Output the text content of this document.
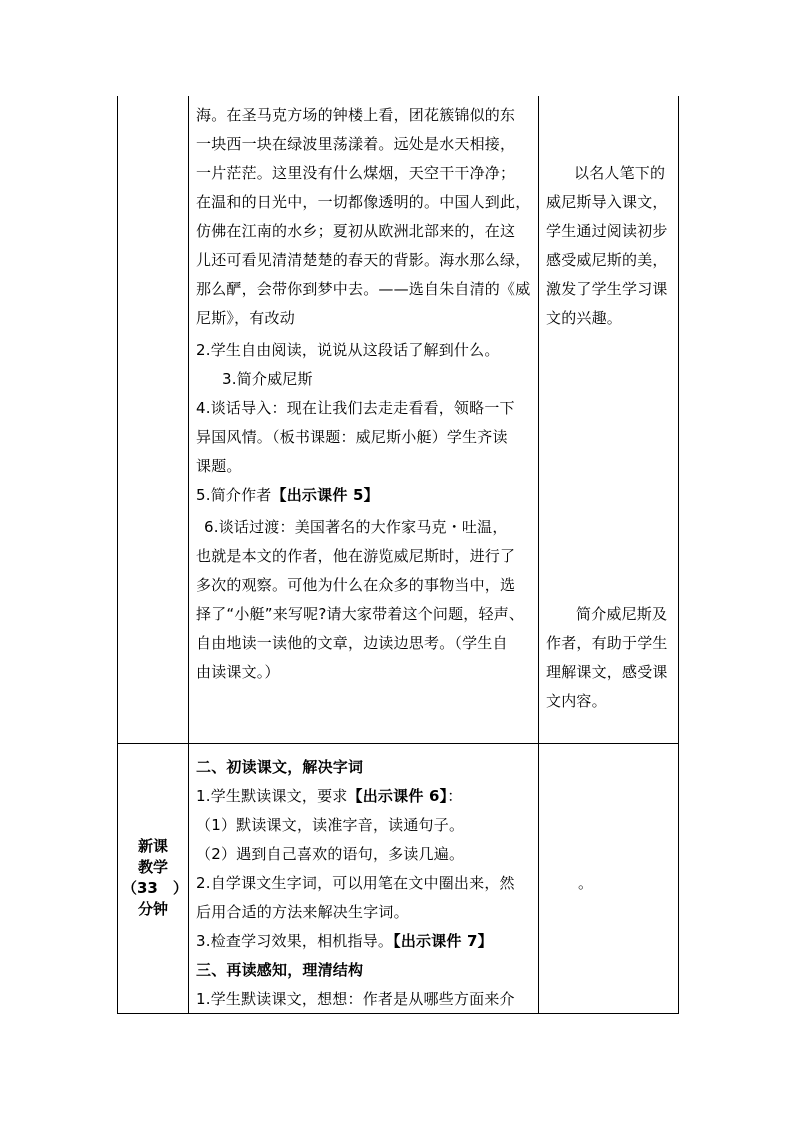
海。在圣马克方场的钟楼上看，团花簇锦似的东
一块西一块在绿波里荡漾着。远处是水天相接，
一片茫茫。这里没有什么煤烟，天空干干净净；
在温和的日光中，一切都像透明的。中国人到此，
仿佛在江南的水乡；夏初从欧洲北部来的，在这
儿还可看见清清楚楚的春天的背影。海水那么绿，
那么酽，会带你到梦中去。——选自朱自清的《威
尼斯》，有改动
2.学生自由阅读，说说从这段话了解到什么。
3.简介威尼斯
4.谈话导入：现在让我们去走走看看，领略一下
异国风情。（板书课题：威尼斯小艇）学生齐读
课题。
5.简介作者【出示课件 5】
6.谈话过渡：美国著名的大作家马克・吐温，
也就是本文的作者，他在游览威尼斯时，进行了
多次的观察。可他为什么在众多的事物当中，选
择了“小艇”来写呢?请大家带着这个问题，轻声、
自由地读一读他的文章，边读边思考。（学生自
由读课文。）
以名人笔下的
威尼斯导入课文，
学生通过阅读初步
感受威尼斯的美，
激发了学生学习课
文的兴趣。
简介威尼斯及
作者，有助于学生
理解课文，感受课
文内容。
新课
教学
（33　）
分钟
二、初读课文，解决字词
1.学生默读课文，要求【出示课件 6】：
（1）默读课文，读准字音，读通句子。
（2）遇到自己喜欢的语句，多读几遍。
2.自学课文生字词，可以用笔在文中圈出来，然
后用合适的方法来解决生字词。
3.检查学习效果，相机指导。【出示课件 7】
三、再读感知，理清结构
1.学生默读课文，想想：作者是从哪些方面来介
。
